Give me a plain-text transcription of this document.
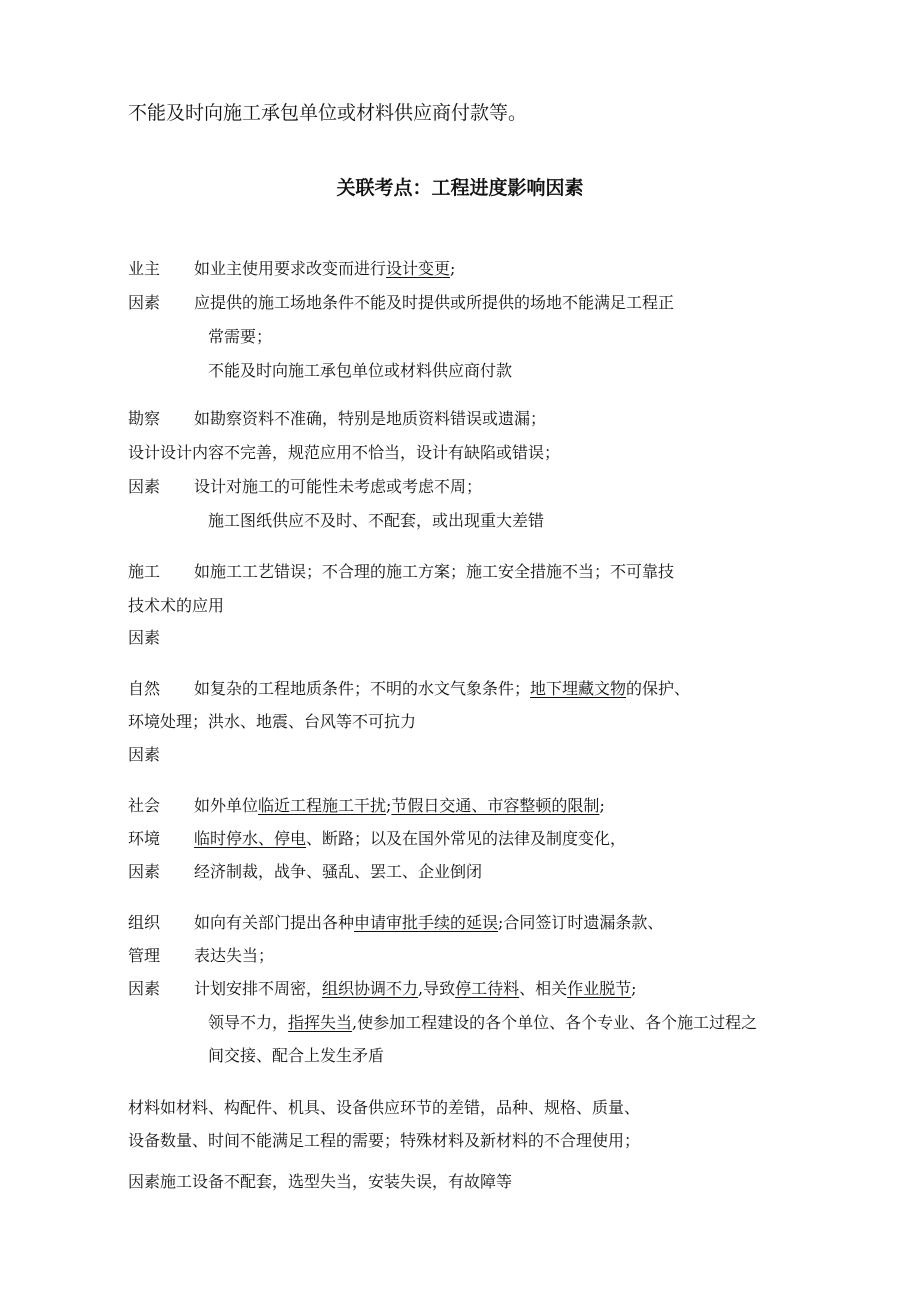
不能及时向施工承包单位或材料供应商付款等。
关联考点：工程进度影响因素
业主 如业主使用要求改变而进行设计变更;
因素 应提供的施工场地条件不能及时提供或所提供的场地不能满足工程正
常需要；
不能及时向施工承包单位或材料供应商付款
勘察 如勘察资料不准确，特别是地质资料错误或遗漏；
设计设计内容不完善，规范应用不恰当，设计有缺陷或错误；
因素 设计对施工的可能性未考虑或考虑不周；
施工图纸供应不及时、不配套，或出现重大差错
施工 如施工工艺错误；不合理的施工方案；施工安全措施不当；不可靠技
技术术的应用
因素
自然 如复杂的工程地质条件；不明的水文气象条件；地下埋藏文物的保护、
环境处理；洪水、地震、台风等不可抗力
因素
社会 如外单位临近工程施工干扰;节假日交通、市容整顿的限制;
环境 临时停水、停电、断路；以及在国外常见的法律及制度变化，
因素 经济制裁，战争、骚乱、罢工、企业倒闭
组织 如向有关部门提出各种申请审批手续的延误;合同签订时遗漏条款、
管理 表达失当；
因素 计划安排不周密，组织协调不力,导致停工待料、相关作业脱节;
领导不力，指挥失当,使参加工程建设的各个单位、各个专业、各个施工过程之
间交接、配合上发生矛盾
材料如材料、构配件、机具、设备供应环节的差错，品种、规格、质量、
设备数量、时间不能满足工程的需要；特殊材料及新材料的不合理使用；
因素施工设备不配套，选型失当，安装失误，有故障等
